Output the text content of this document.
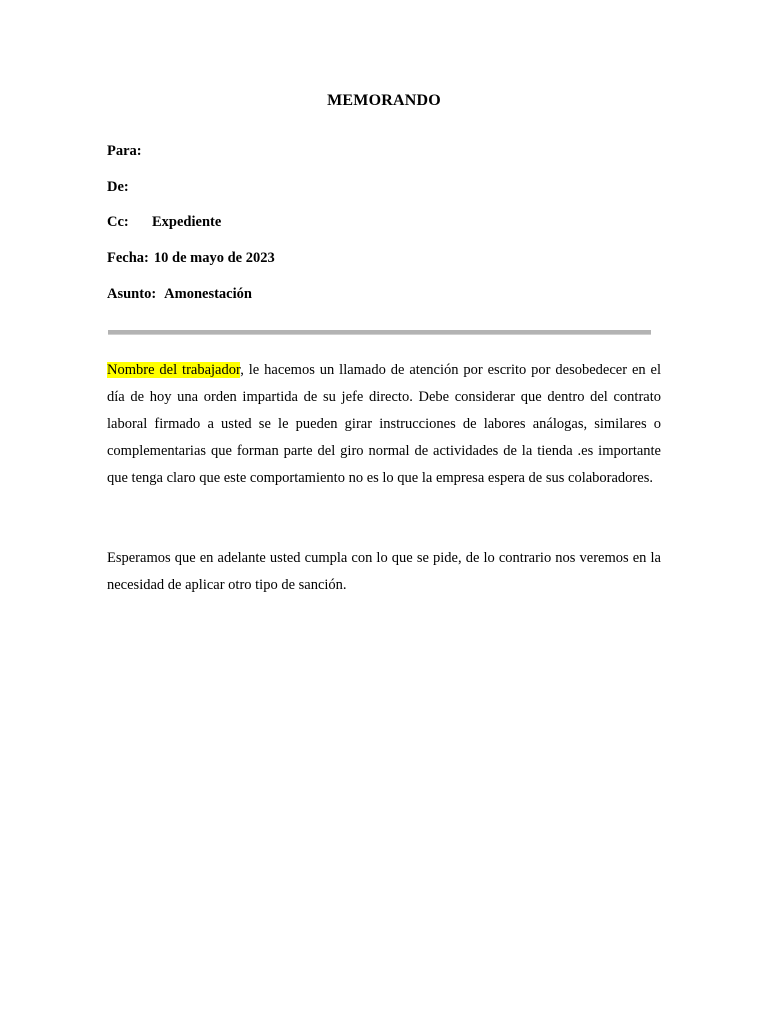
MEMORANDO
Para:
De:
Cc: Expediente
Fecha: 10 de mayo de 2023
Asunto: Amonestación

Nombre del trabajador, le hacemos un llamado de atención por escrito por desobedecer en el día de hoy una orden impartida de su jefe directo. Debe considerar que dentro del contrato laboral firmado a usted se le pueden girar instrucciones de labores análogas, similares o complementarias que forman parte del giro normal de actividades de la tienda .es importante que tenga claro que este comportamiento no es lo que la empresa espera de sus colaboradores.

Esperamos que en adelante usted cumpla con lo que se pide, de lo contrario nos veremos en la necesidad de aplicar otro tipo de sanción.
